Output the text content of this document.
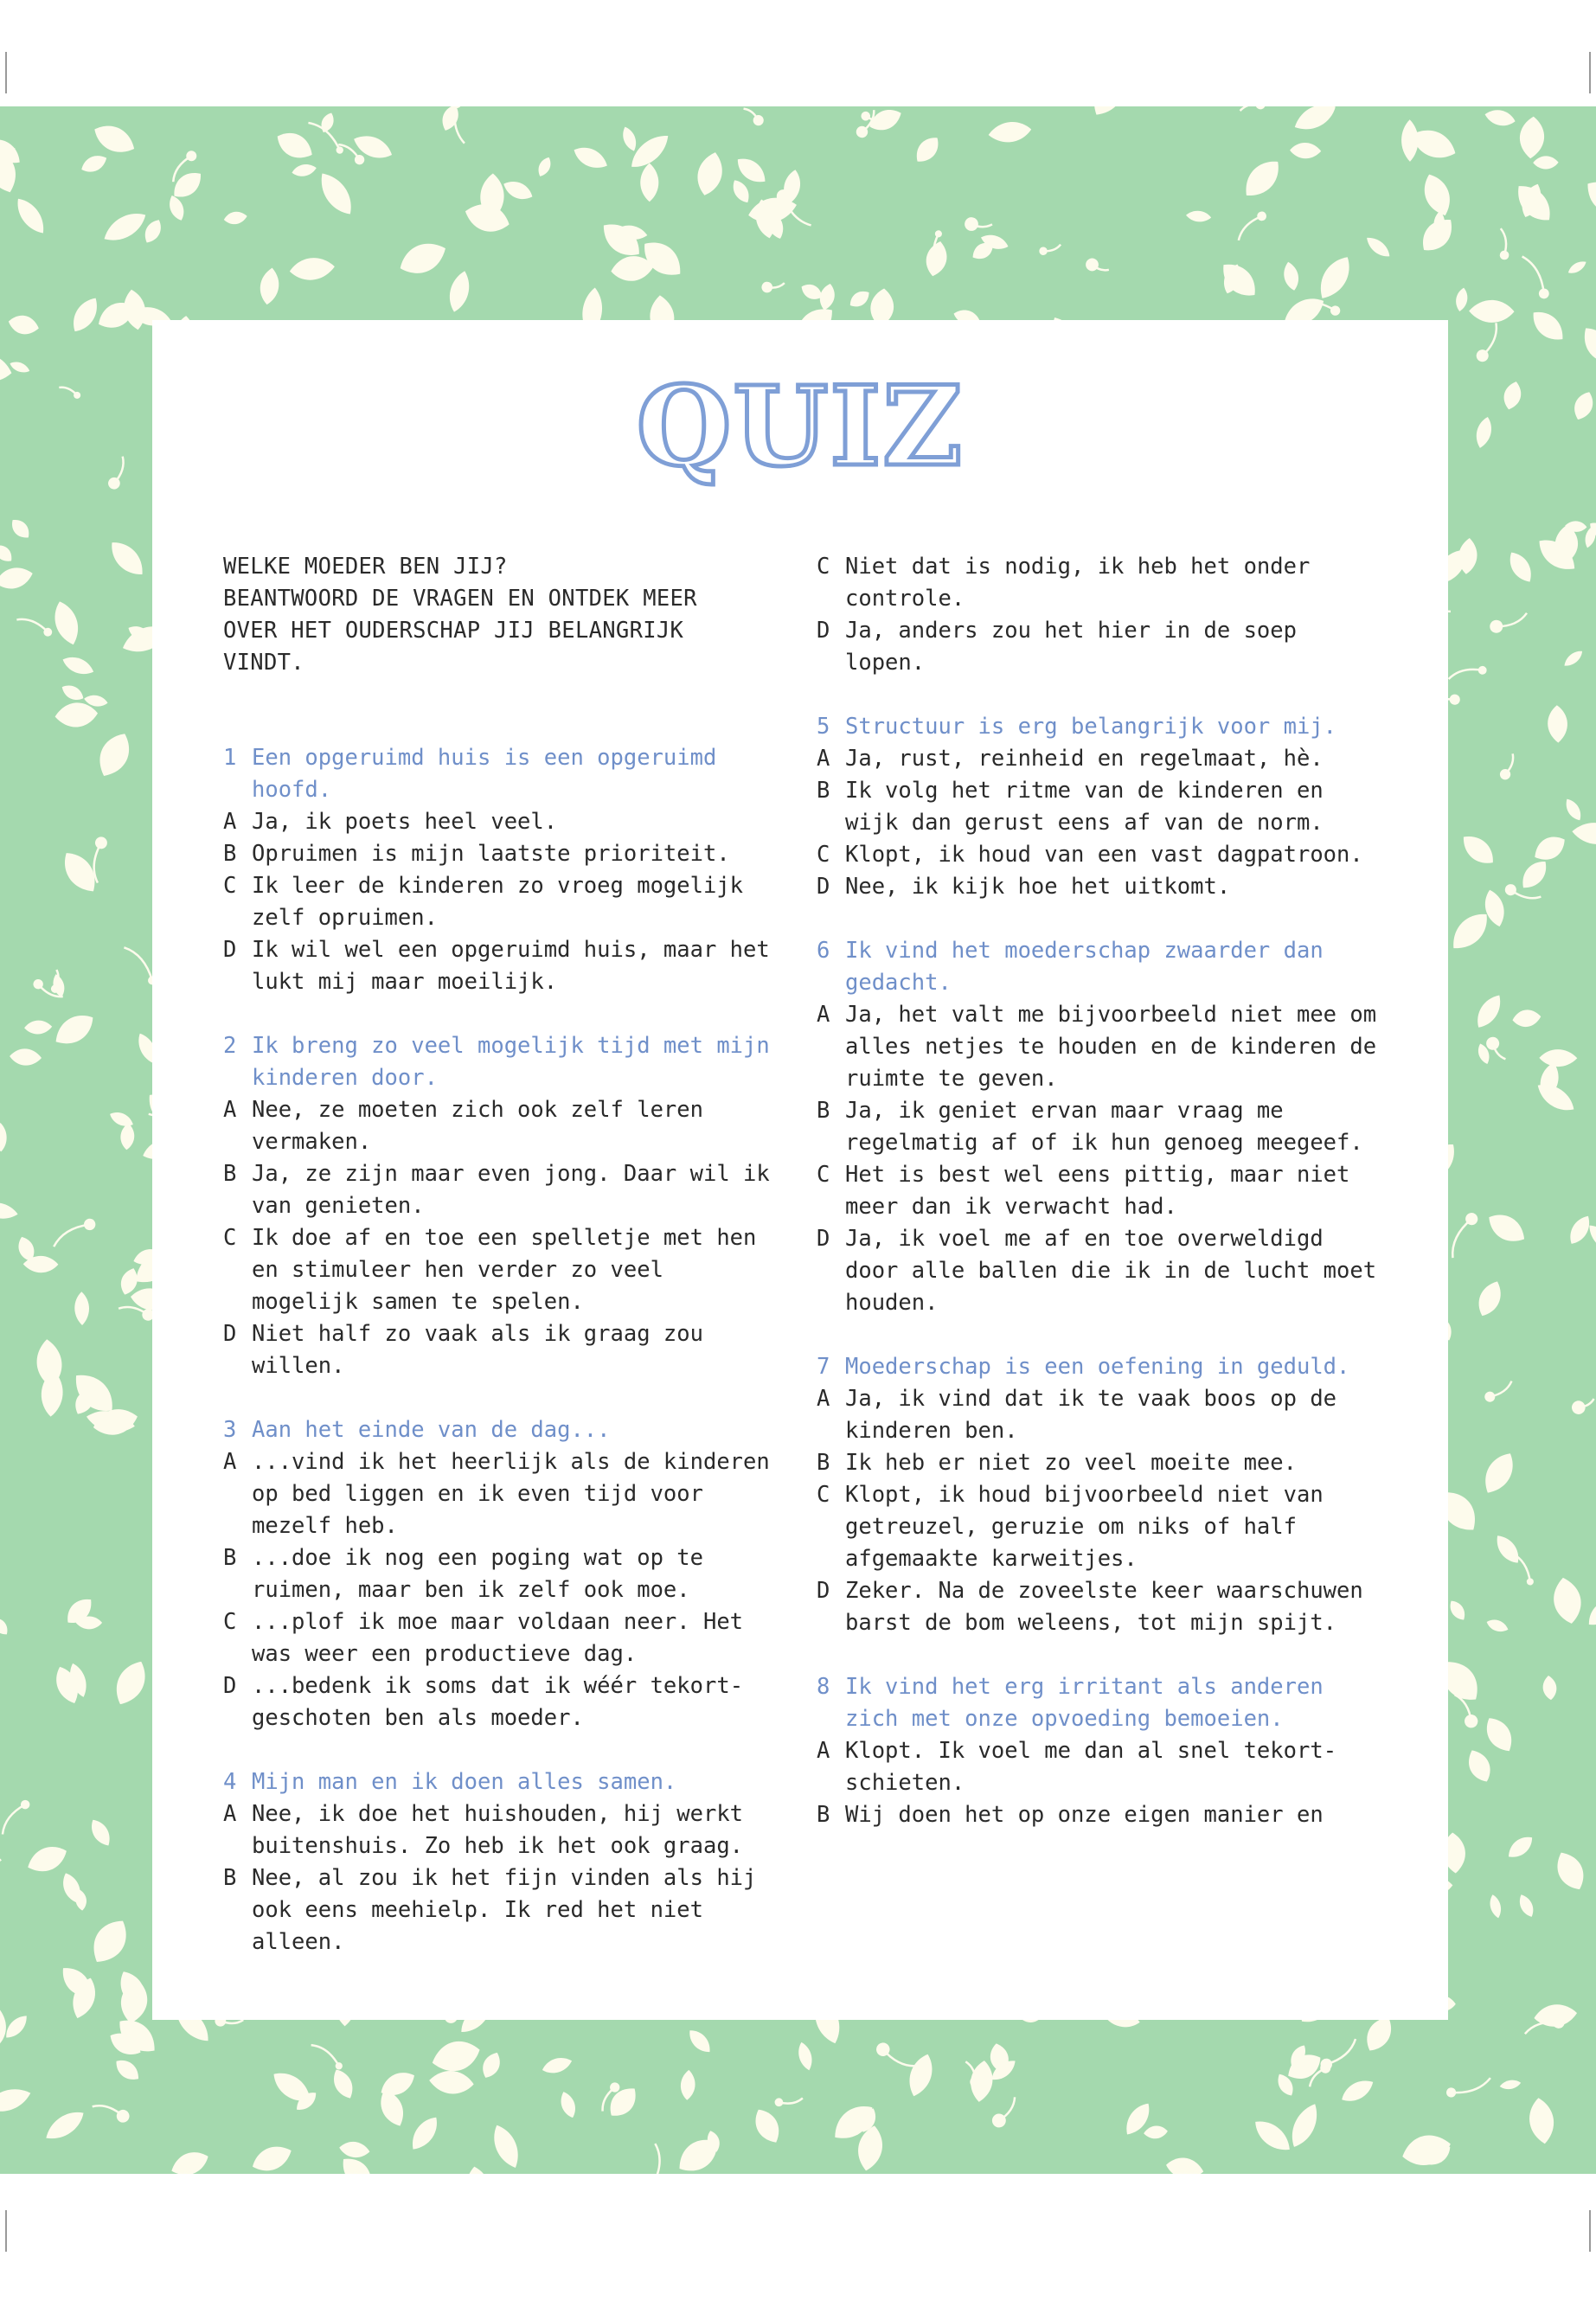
QUIZ

WELKE MOEDER BEN JIJ?
BEANTWOORD DE VRAGEN EN ONTDEK MEER
OVER HET OUDERSCHAP JIJ BELANGRIJK
VINDT.

1 Een opgeruimd huis is een opgeruimd hoofd.
A Ja, ik poets heel veel.
B Opruimen is mijn laatste prioriteit.
C Ik leer de kinderen zo vroeg mogelijk zelf opruimen.
D Ik wil wel een opgeruimd huis, maar het lukt mij maar moeilijk.
2 Ik breng zo veel mogelijk tijd met mijn kinderen door.
A Nee, ze moeten zich ook zelf leren vermaken.
B Ja, ze zijn maar even jong. Daar wil ik van genieten.
C Ik doe af en toe een spelletje met hen en stimuleer hen verder zo veel mogelijk samen te spelen.
D Niet half zo vaak als ik graag zou willen.
3 Aan het einde van de dag...
A ...vind ik het heerlijk als de kinderen op bed liggen en ik even tijd voor mezelf heb.
B ...doe ik nog een poging wat op te ruimen, maar ben ik zelf ook moe.
C ...plof ik moe maar voldaan neer. Het was weer een productieve dag.
D ...bedenk ik soms dat ik wéér tekortgeschoten ben als moeder.
4 Mijn man en ik doen alles samen.
A Nee, ik doe het huishouden, hij werkt buitenshuis. Zo heb ik het ook graag.
B Nee, al zou ik het fijn vinden als hij ook eens meehielp. Ik red het niet alleen.
C Niet dat is nodig, ik heb het onder controle.
D Ja, anders zou het hier in de soep lopen.
5 Structuur is erg belangrijk voor mij.
A Ja, rust, reinheid en regelmaat, hè.
B Ik volg het ritme van de kinderen en wijk dan gerust eens af van de norm.
C Klopt, ik houd van een vast dagpatroon.
D Nee, ik kijk hoe het uitkomt.
6 Ik vind het moederschap zwaarder dan gedacht.
A Ja, het valt me bijvoorbeeld niet mee om alles netjes te houden en de kinderen de ruimte te geven.
B Ja, ik geniet ervan maar vraag me regelmatig af of ik hun genoeg meegeef.
C Het is best wel eens pittig, maar niet meer dan ik verwacht had.
D Ja, ik voel me af en toe overweldigd door alle ballen die ik in de lucht moet houden.
7 Moederschap is een oefening in geduld.
A Ja, ik vind dat ik te vaak boos op de kinderen ben.
B Ik heb er niet zo veel moeite mee.
C Klopt, ik houd bijvoorbeeld niet van getreuzel, geruzie om niks of half afgemaakte karweitjes.
D Zeker. Na de zoveelste keer waarschuwen barst de bom weleens, tot mijn spijt.
8 Ik vind het erg irritant als anderen zich met onze opvoeding bemoeien.
A Klopt. Ik voel me dan al snel tekortschieten.
B Wij doen het op onze eigen manier en
